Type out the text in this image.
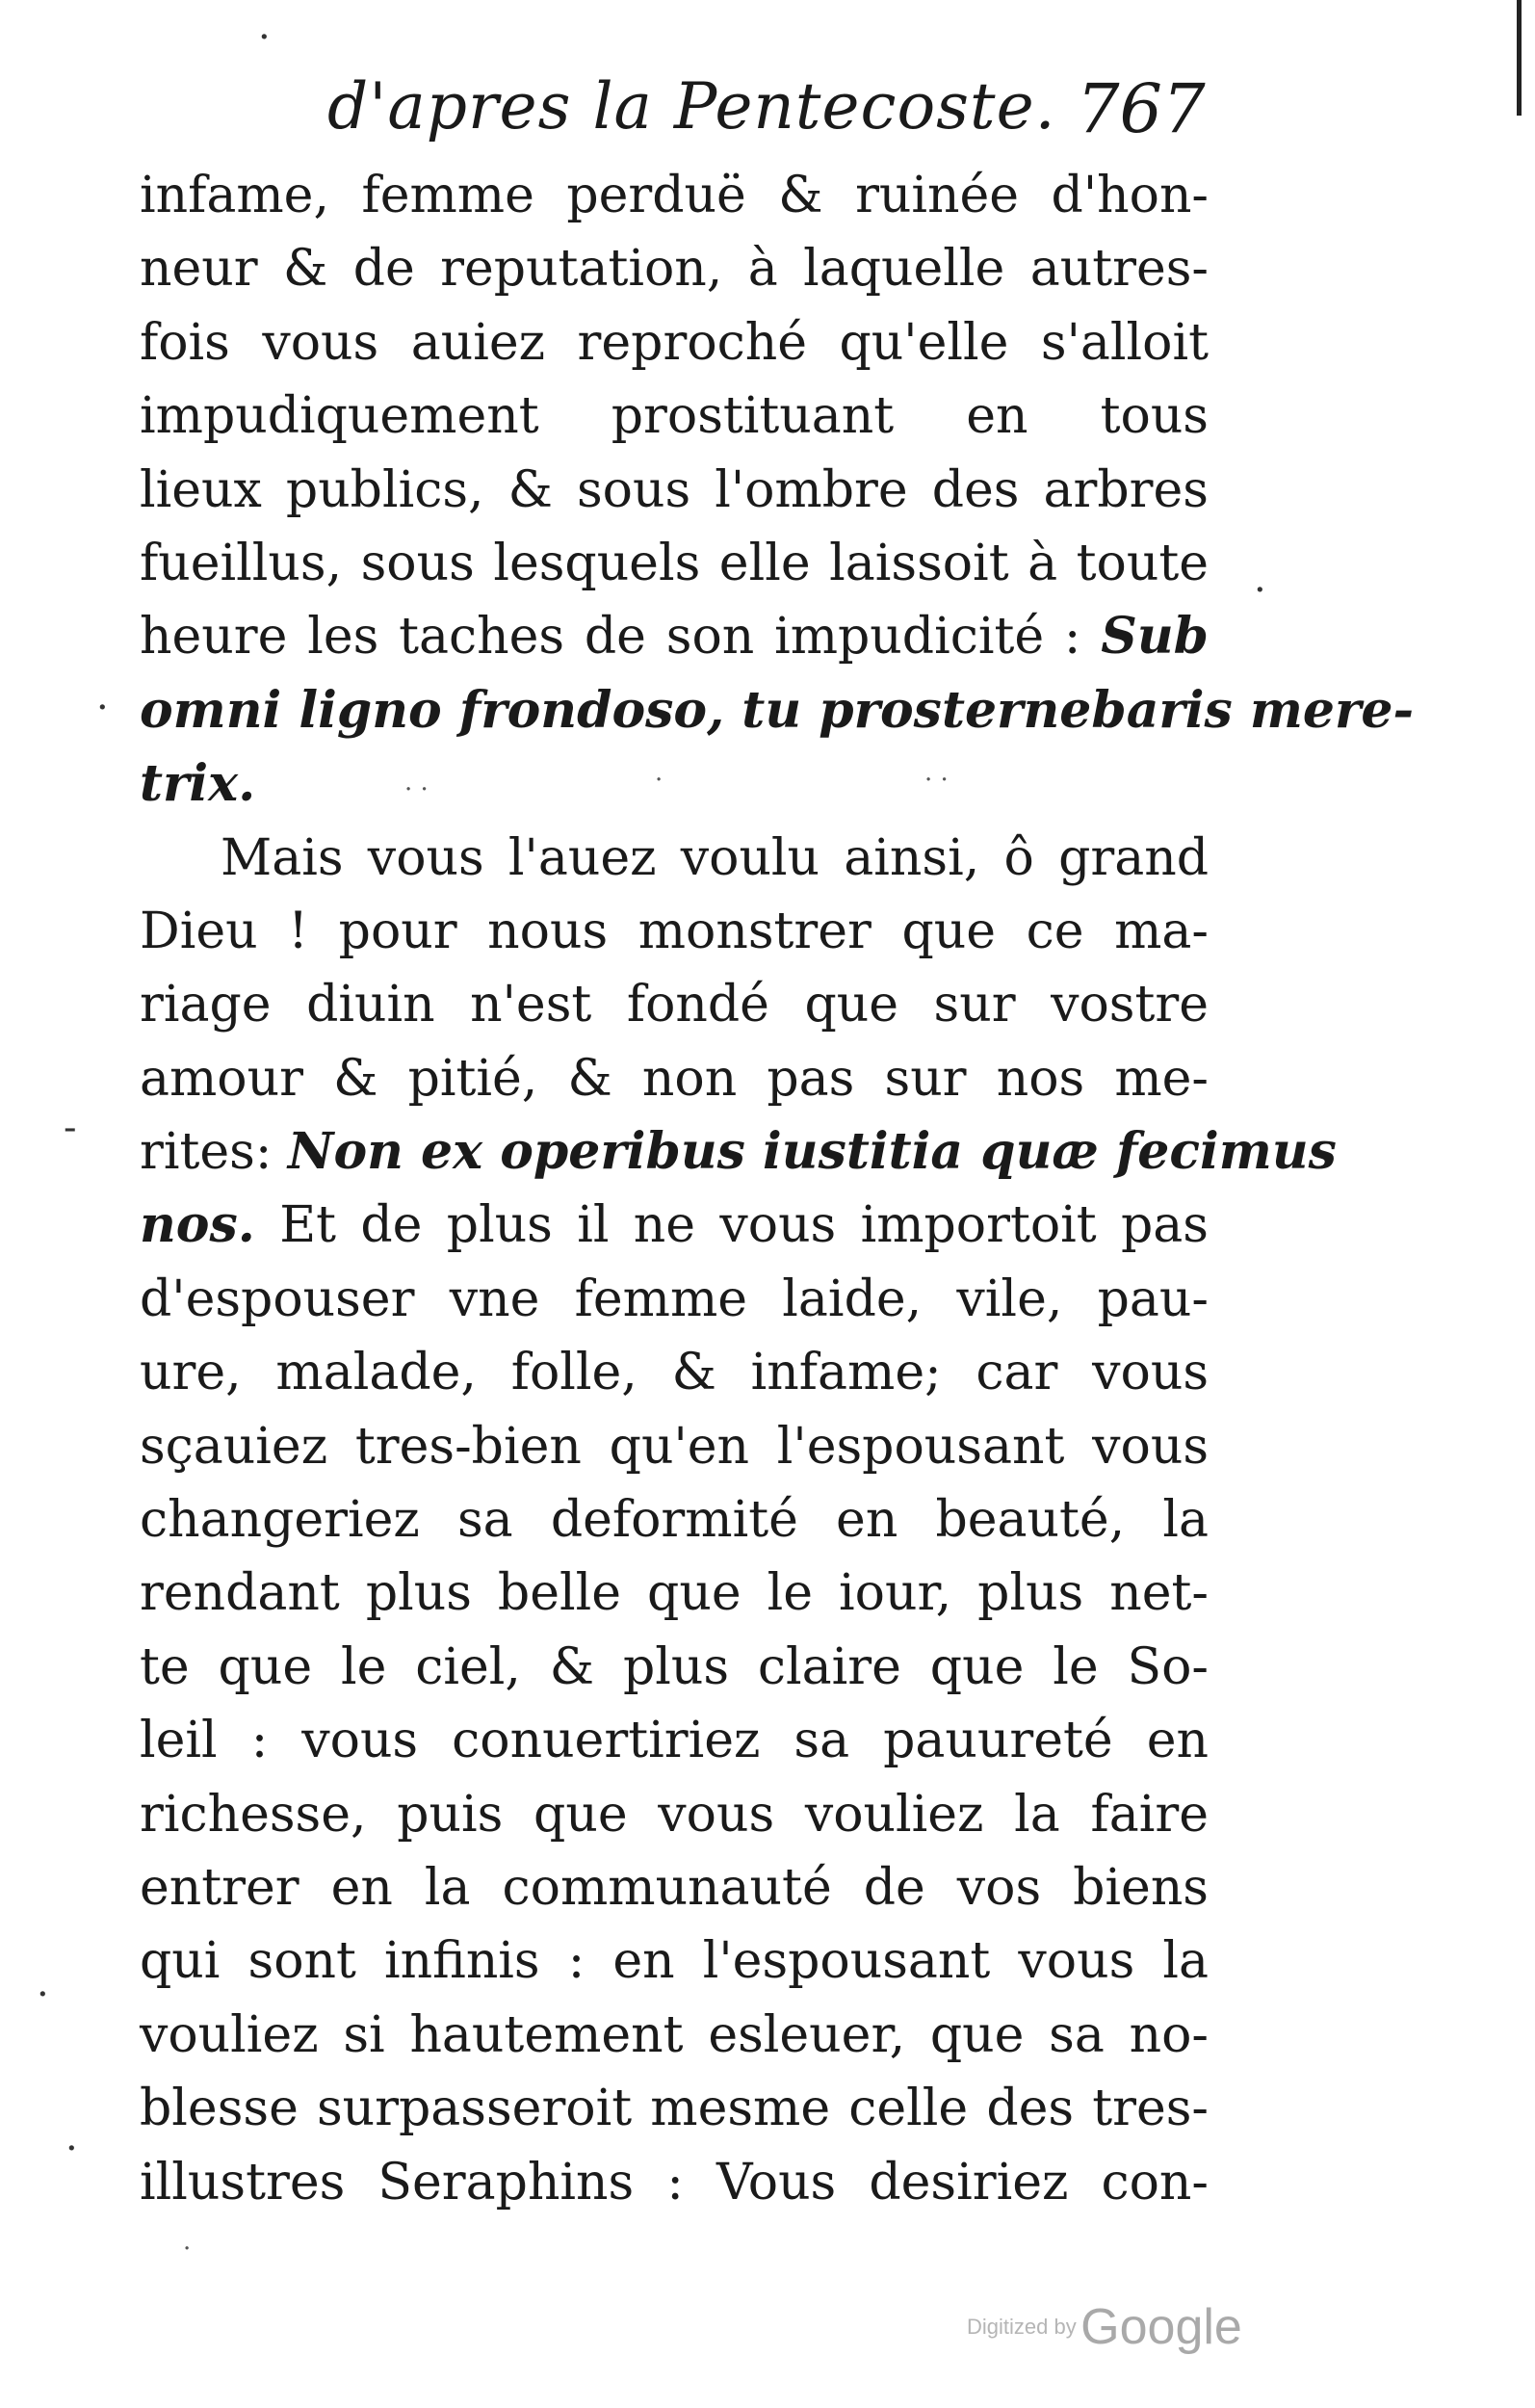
d'apres la Pentecoste. 767
·
·
-
·
·
·
· ·	·	· ·
·
infame, femme perduë & ruinée d'hon-
neur & de reputation, à laquelle autres-
fois vous auiez reproché qu'elle s'alloit
impudiquement prostituant en tous
lieux publics, & sous l'ombre des arbres
fueillus, sous lesquels elle laissoit à toute
heure les taches de son impudicité : Sub
omni ligno frondoso, tu prosternebaris mere-
trix.
Mais vous l'auez voulu ainsi, ô grand
Dieu ! pour nous monstrer que ce ma-
riage diuin n'est fondé que sur vostre
amour & pitié, & non pas sur nos me-
rites: Non ex operibus iustitia quæ fecimus
nos. Et de plus il ne vous importoit pas
d'espouser vne femme laide, vile, pau-
ure, malade, folle, & infame; car vous
sçauiez tres-bien qu'en l'espousant vous
changeriez sa deformité en beauté, la
rendant plus belle que le iour, plus net-
te que le ciel, & plus claire que le So-
leil : vous conuertiriez sa pauureté en
richesse, puis que vous vouliez la faire
entrer en la communauté de vos biens
qui sont infinis : en l'espousant vous la
vouliez si hautement esleuer, que sa no-
blesse surpasseroit mesme celle des tres-
illustres Seraphins : Vous desiriez con-
Digitized by Google
